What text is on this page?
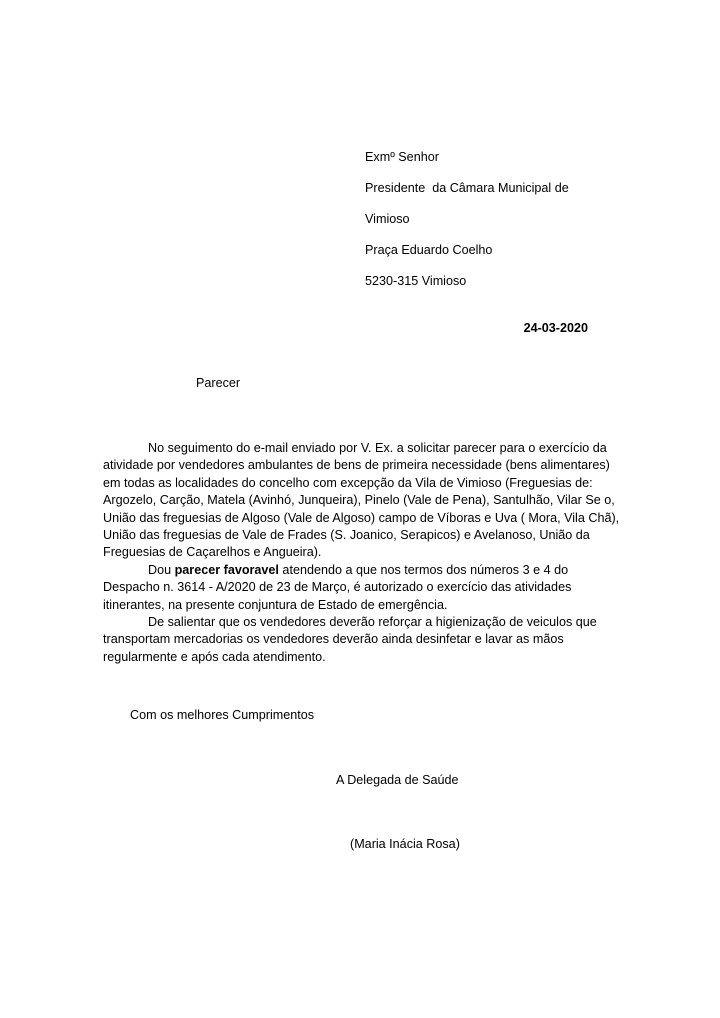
Exmº Senhor
Presidente  da Câmara Municipal de
Vimioso
Praça Eduardo Coelho
5230-315 Vimioso
24-03-2020
Parecer

No seguimento do e-mail enviado por V. Ex. a solicitar parecer para o exercício da atividade por vendedores ambulantes de bens de primeira necessidade (bens alimentares) em todas as localidades do concelho com excepção da Vila de Vimioso (Freguesias de: Argozelo, Carção, Matela (Avinhó, Junqueira), Pinelo (Vale de Pena), Santulhão, Vilar Se o, União das freguesias de Algoso (Vale de Algoso) campo de Víboras e Uva ( Mora, Vila Chã), União das freguesias de Vale de Frades (S. Joanico, Serapicos) e Avelanoso, União da Freguesias de Caçarelhos e Angueira).

Dou parecer favoravel atendendo a que nos termos dos números 3 e 4 do Despacho n. 3614 - A/2020 de 23 de Março, é autorizado o exercício das atividades itinerantes, na presente conjuntura de Estado de emergência.

De salientar que os vendedores deverão reforçar a higienização de veiculos que transportam mercadorias os vendedores deverão ainda desinfetar e lavar as mãos regularmente e após cada atendimento.

Com os melhores Cumprimentos
A Delegada de Saúde
(Maria Inácia Rosa)
